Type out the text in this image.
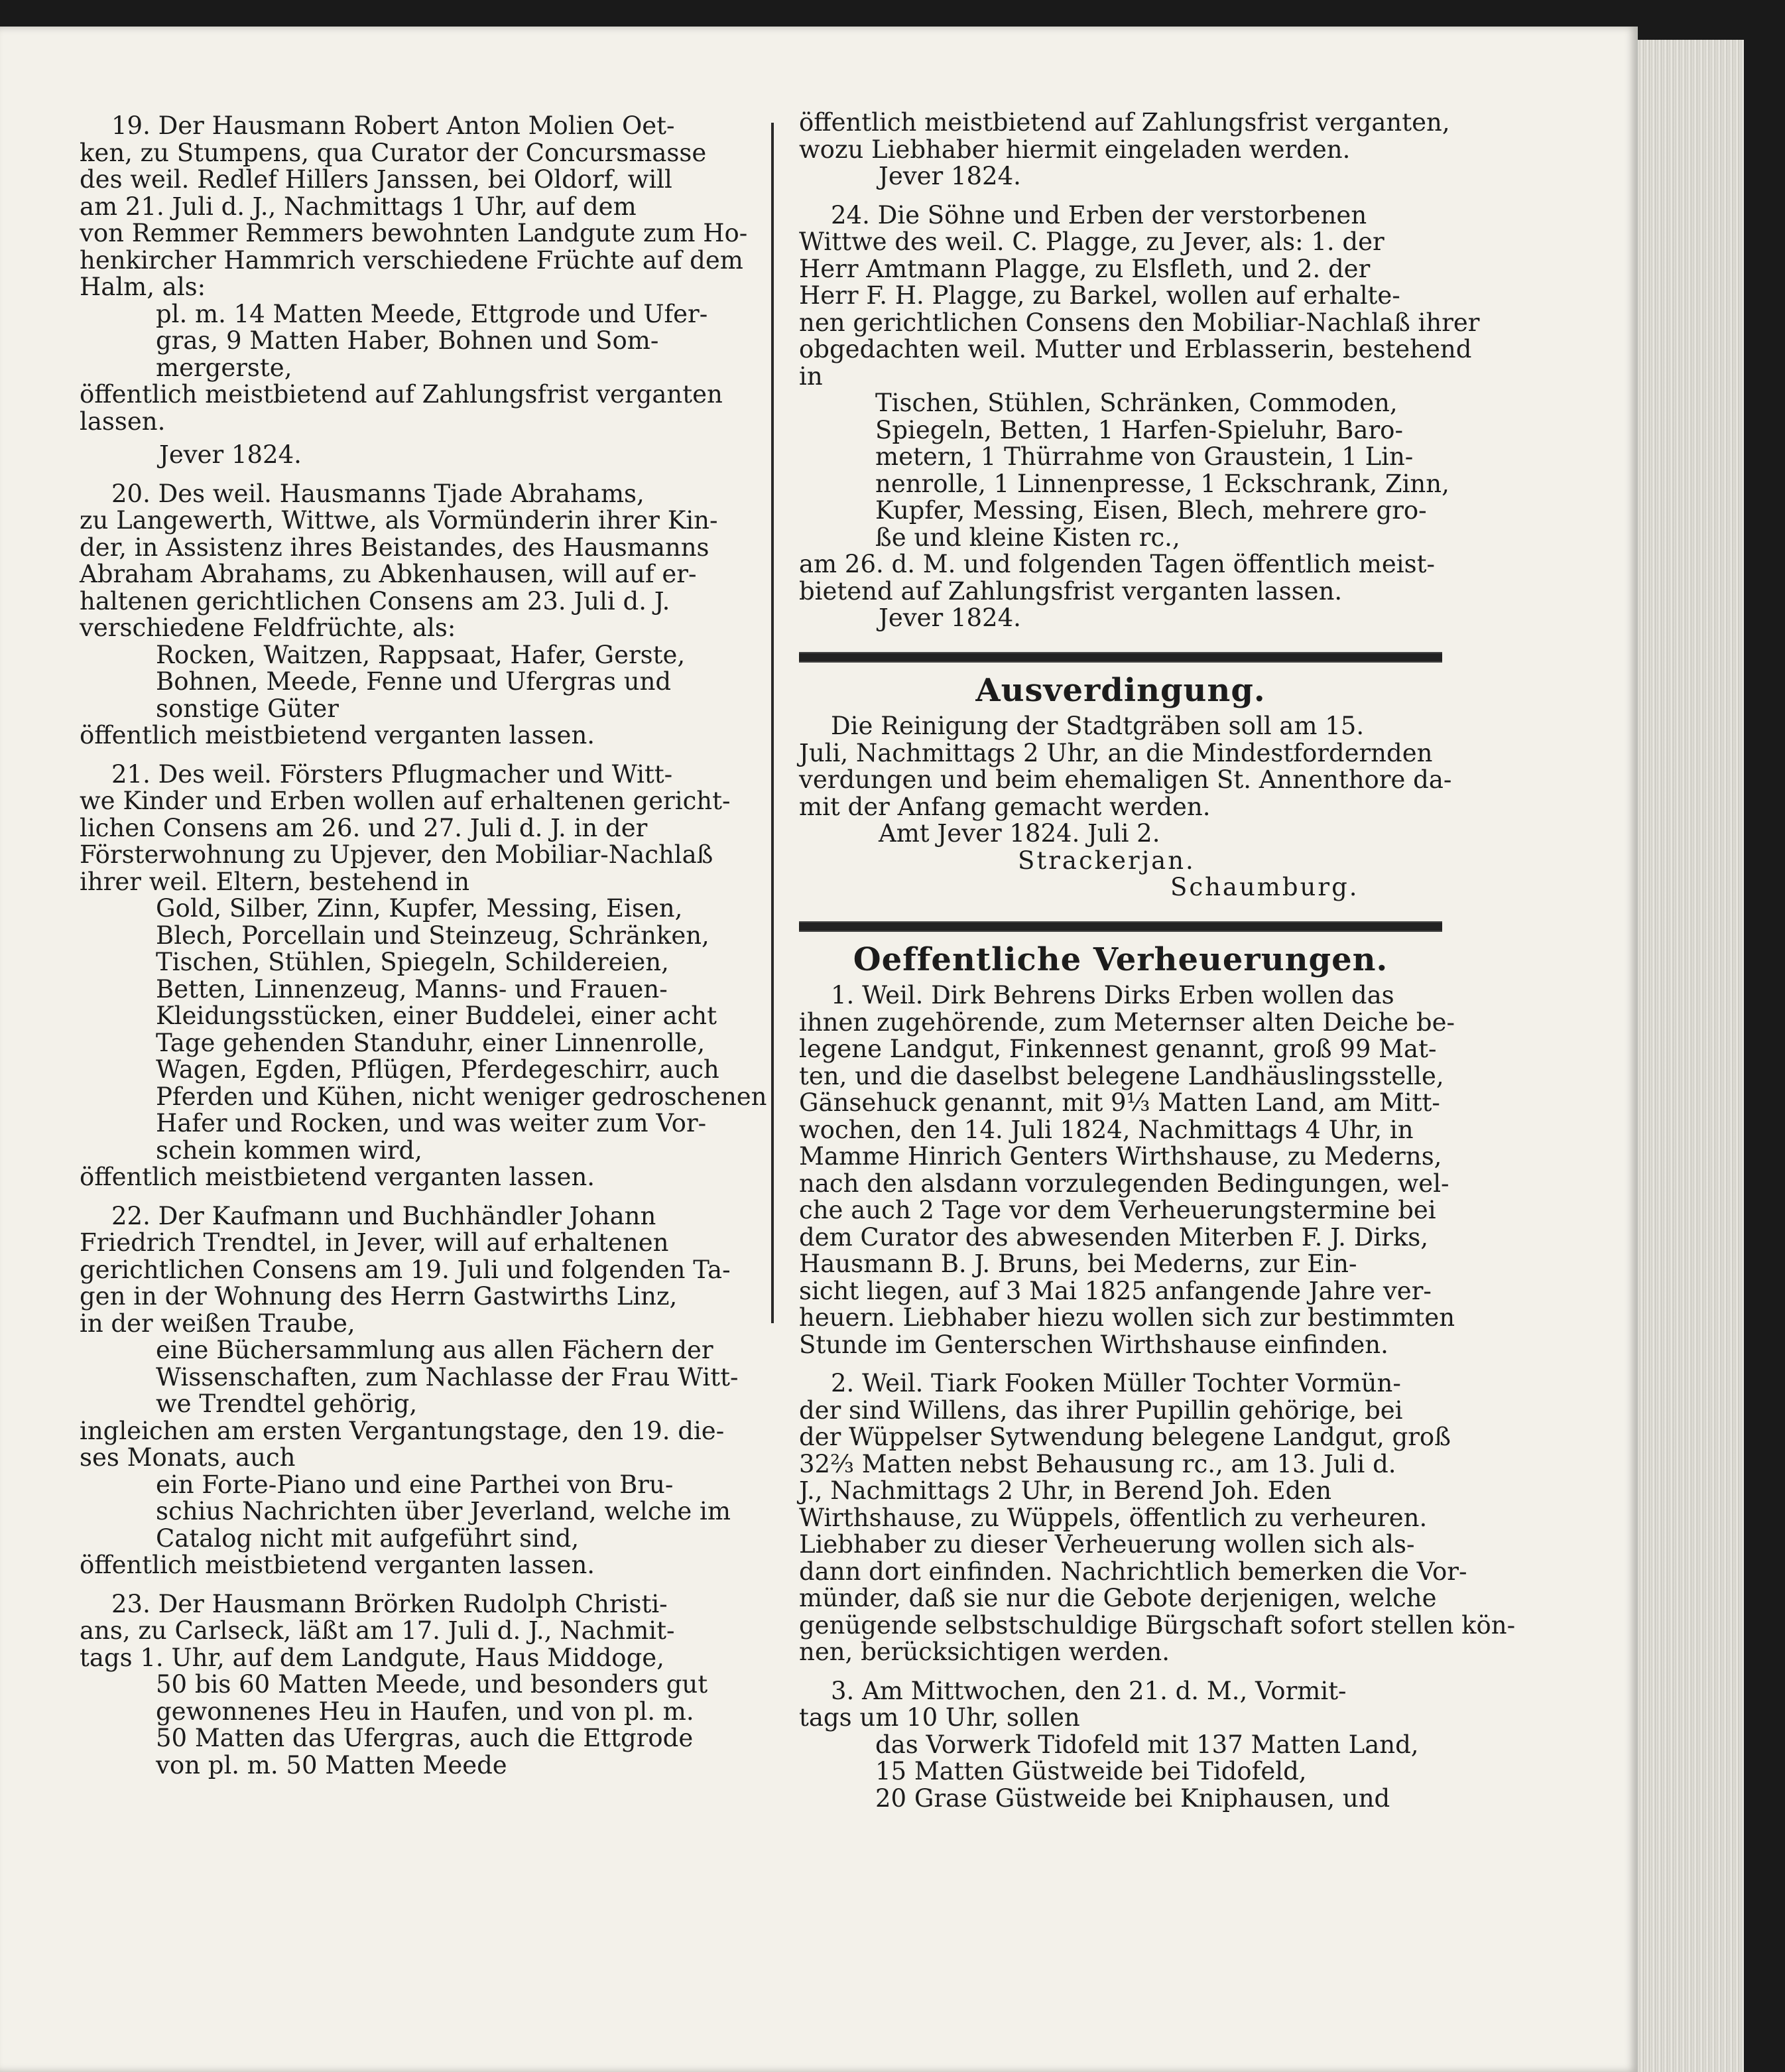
19. Der Hausmann Robert Anton Molien Oet-
ken, zu Stumpens, qua Curator der Concursmasse
des weil. Redlef Hillers Janssen, bei Oldorf, will
am 21. Juli d. J., Nachmittags 1 Uhr, auf dem
von Remmer Remmers bewohnten Landgute zum Ho-
henkircher Hammrich verschiedene Früchte auf dem
Halm, als:
pl. m. 14 Matten Meede, Ettgrode und Ufer-
gras, 9 Matten Haber, Bohnen und Som-
mergerste,
öffentlich meistbietend auf Zahlungsfrist verganten
lassen.
Jever 1824.
20. Des weil. Hausmanns Tjade Abrahams,
zu Langewerth, Wittwe, als Vormünderin ihrer Kin-
der, in Assistenz ihres Beistandes, des Hausmanns
Abraham Abrahams, zu Abkenhausen, will auf er-
haltenen gerichtlichen Consens am 23. Juli d. J.
verschiedene Feldfrüchte, als:
Rocken, Waitzen, Rappsaat, Hafer, Gerste,
Bohnen, Meede, Fenne und Ufergras und
sonstige Güter
öffentlich meistbietend verganten lassen.
21. Des weil. Försters Pflugmacher und Witt-
we Kinder und Erben wollen auf erhaltenen gericht-
lichen Consens am 26. und 27. Juli d. J. in der
Försterwohnung zu Upjever, den Mobiliar-Nachlaß
ihrer weil. Eltern, bestehend in
Gold, Silber, Zinn, Kupfer, Messing, Eisen,
Blech, Porcellain und Steinzeug, Schränken,
Tischen, Stühlen, Spiegeln, Schildereien,
Betten, Linnenzeug, Manns- und Frauen-
Kleidungsstücken, einer Buddelei, einer acht
Tage gehenden Standuhr, einer Linnenrolle,
Wagen, Egden, Pflügen, Pferdegeschirr, auch
Pferden und Kühen, nicht weniger gedroschenen
Hafer und Rocken, und was weiter zum Vor-
schein kommen wird,
öffentlich meistbietend verganten lassen.
22. Der Kaufmann und Buchhändler Johann
Friedrich Trendtel, in Jever, will auf erhaltenen
gerichtlichen Consens am 19. Juli und folgenden Ta-
gen in der Wohnung des Herrn Gastwirths Linz,
in der weißen Traube,
eine Büchersammlung aus allen Fächern der
Wissenschaften, zum Nachlasse der Frau Witt-
we Trendtel gehörig,
ingleichen am ersten Vergantungstage, den 19. die-
ses Monats, auch
ein Forte-Piano und eine Parthei von Bru-
schius Nachrichten über Jeverland, welche im
Catalog nicht mit aufgeführt sind,
öffentlich meistbietend verganten lassen.
23. Der Hausmann Brörken Rudolph Christi-
ans, zu Carlseck, läßt am 17. Juli d. J., Nachmit-
tags 1. Uhr, auf dem Landgute, Haus Middoge,
50 bis 60 Matten Meede, und besonders gut
gewonnenes Heu in Haufen, und von pl. m.
50 Matten das Ufergras, auch die Ettgrode
von pl. m. 50 Matten Meede
öffentlich meistbietend auf Zahlungsfrist verganten,
wozu Liebhaber hiermit eingeladen werden.
Jever 1824.
24. Die Söhne und Erben der verstorbenen
Wittwe des weil. C. Plagge, zu Jever, als: 1. der
Herr Amtmann Plagge, zu Elsfleth, und 2. der
Herr F. H. Plagge, zu Barkel, wollen auf erhalte-
nen gerichtlichen Consens den Mobiliar-Nachlaß ihrer
obgedachten weil. Mutter und Erblasserin, bestehend
in
Tischen, Stühlen, Schränken, Commoden,
Spiegeln, Betten, 1 Harfen-Spieluhr, Baro-
metern, 1 Thürrahme von Graustein, 1 Lin-
nenrolle, 1 Linnenpresse, 1 Eckschrank, Zinn,
Kupfer, Messing, Eisen, Blech, mehrere gro-
ße und kleine Kisten rc.,
am 26. d. M. und folgenden Tagen öffentlich meist-
bietend auf Zahlungsfrist verganten lassen.
Jever 1824.
Ausverdingung.
Die Reinigung der Stadtgräben soll am 15.
Juli, Nachmittags 2 Uhr, an die Mindestfordernden
verdungen und beim ehemaligen St. Annenthore da-
mit der Anfang gemacht werden.
Amt Jever 1824. Juli 2.
Strackerjan.
Schaumburg.
Oeffentliche Verheuerungen.
1. Weil. Dirk Behrens Dirks Erben wollen das
ihnen zugehörende, zum Meternser alten Deiche be-
legene Landgut, Finkennest genannt, groß 99 Mat-
ten, und die daselbst belegene Landhäuslingsstelle,
Gänsehuck genannt, mit 9⅓ Matten Land, am Mitt-
wochen, den 14. Juli 1824, Nachmittags 4 Uhr, in
Mamme Hinrich Genters Wirthshause, zu Mederns,
nach den alsdann vorzulegenden Bedingungen, wel-
che auch 2 Tage vor dem Verheuerungstermine bei
dem Curator des abwesenden Miterben F. J. Dirks,
Hausmann B. J. Bruns, bei Mederns, zur Ein-
sicht liegen, auf 3 Mai 1825 anfangende Jahre ver-
heuern. Liebhaber hiezu wollen sich zur bestimmten
Stunde im Genterschen Wirthshause einfinden.
2. Weil. Tiark Fooken Müller Tochter Vormün-
der sind Willens, das ihrer Pupillin gehörige, bei
der Wüppelser Sytwendung belegene Landgut, groß
32⅔ Matten nebst Behausung rc., am 13. Juli d.
J., Nachmittags 2 Uhr, in Berend Joh. Eden
Wirthshause, zu Wüppels, öffentlich zu verheuren.
Liebhaber zu dieser Verheuerung wollen sich als-
dann dort einfinden. Nachrichtlich bemerken die Vor-
münder, daß sie nur die Gebote derjenigen, welche
genügende selbstschuldige Bürgschaft sofort stellen kön-
nen, berücksichtigen werden.
3. Am Mittwochen, den 21. d. M., Vormit-
tags um 10 Uhr, sollen
das Vorwerk Tidofeld mit 137 Matten Land,
15 Matten Güstweide bei Tidofeld,
20 Grase Güstweide bei Kniphausen, und
